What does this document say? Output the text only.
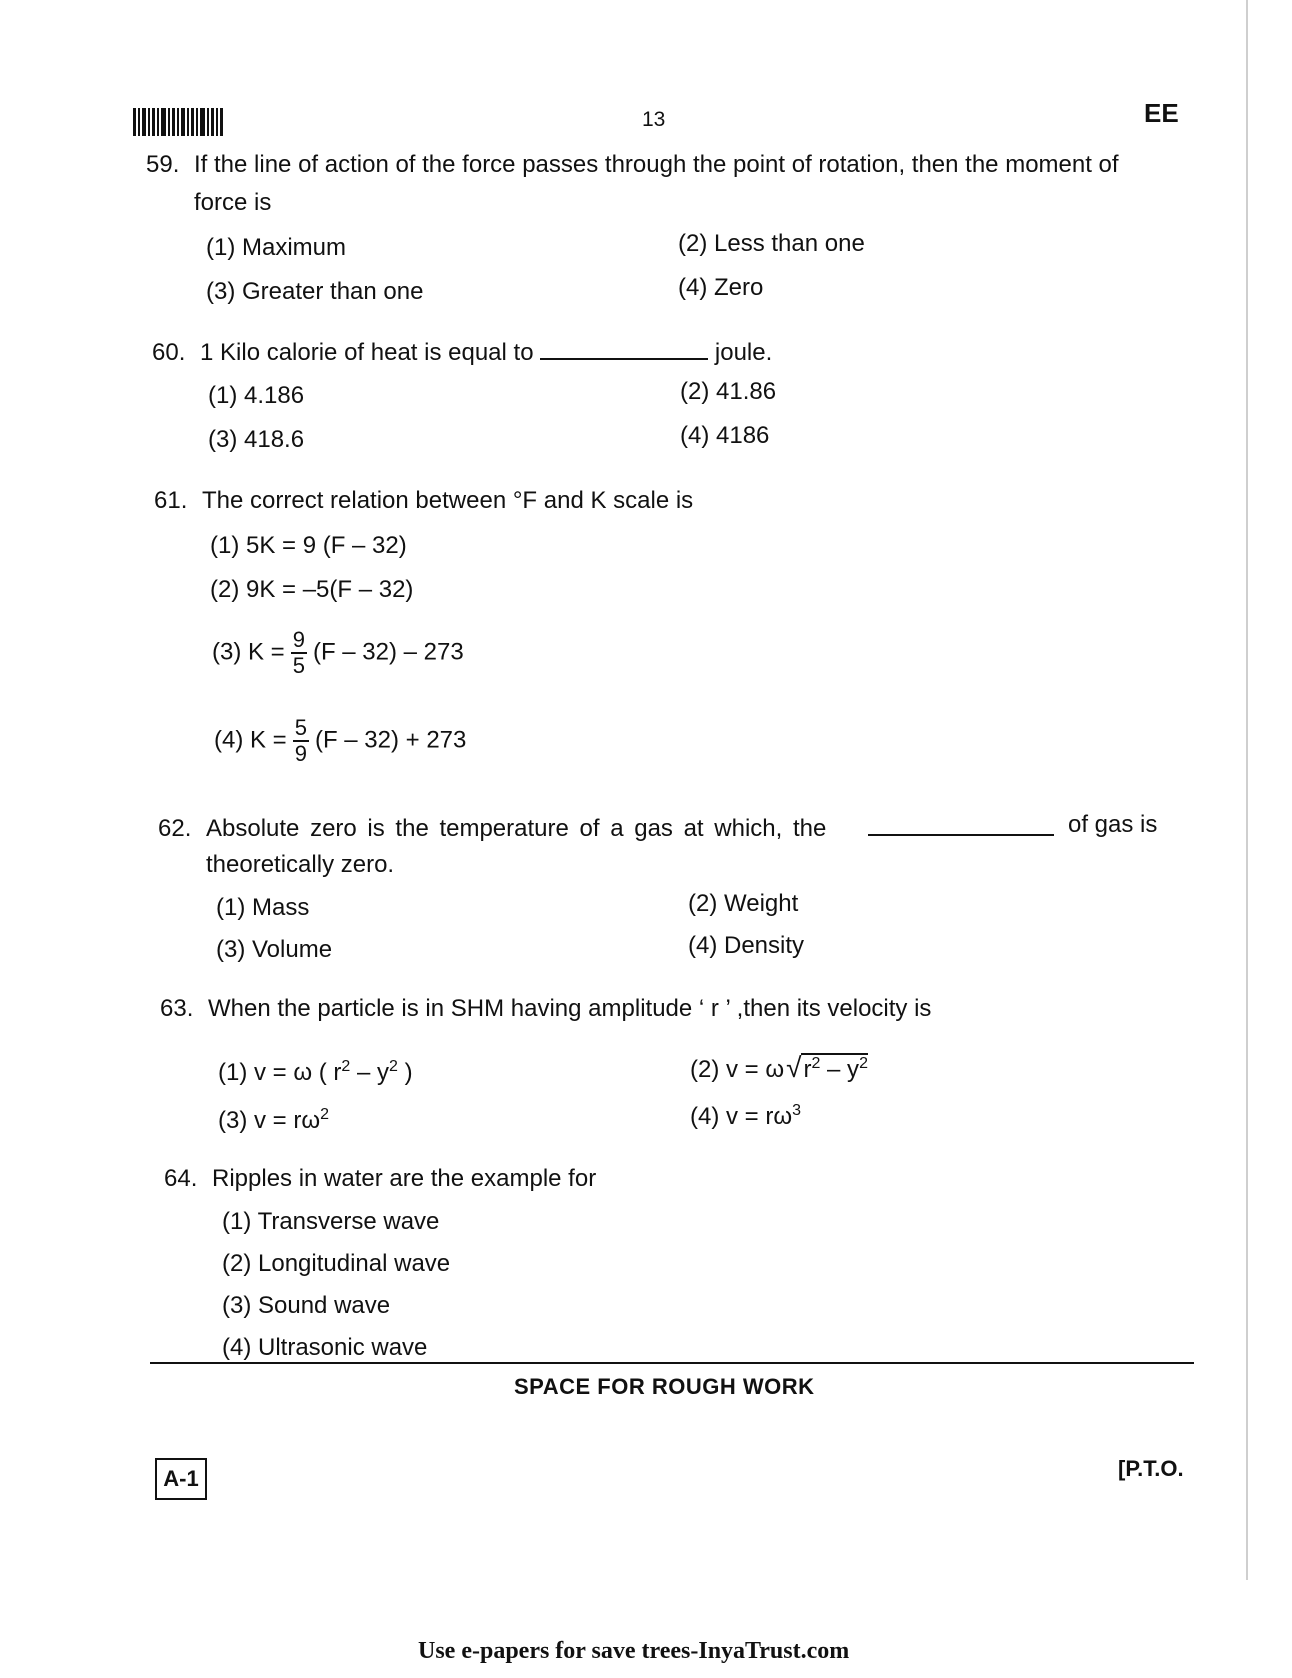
13	EE
59. If the line of action of the force passes through the point of rotation, then the moment of
force is
(1) Maximum	(2) Less than one
(3) Greater than one	(4) Zero
60. 1 Kilo calorie of heat is equal to	joule.
(1) 4.186	(2) 41.86
(3) 418.6	(4) 4186
61. The correct relation between °F and K scale is
(1) 5K = 9 (F – 32)
(2) 9K = –5(F – 32)
(3) $K = \frac{9}{5} (F - 32) - 273$
(4) $K = \frac{5}{9} (F - 32) + 273$
62. Absolute zero is the temperature of a gas at which, the	of gas is
theoretically zero.
(1) Mass	(2) Weight
(3) Volume	(4) Density
63. When the particle is in SHM having amplitude ‘ r ’ ,then its velocity is
(1) v = ω ( $r^2 - y^2$ )	(2) $v = \omega√r^2 - y^2$
(3) $v = r\omega^2$	(4) $v = r\omega^3$
64. Ripples in water are the example for
(1) Transverse wave
(2) Longitudinal wave
(3) Sound wave
(4) Ultrasonic wave
SPACE FOR ROUGH WORK
A-1	[P.T.O.
Use e-papers for save trees-InyaTrust.com
